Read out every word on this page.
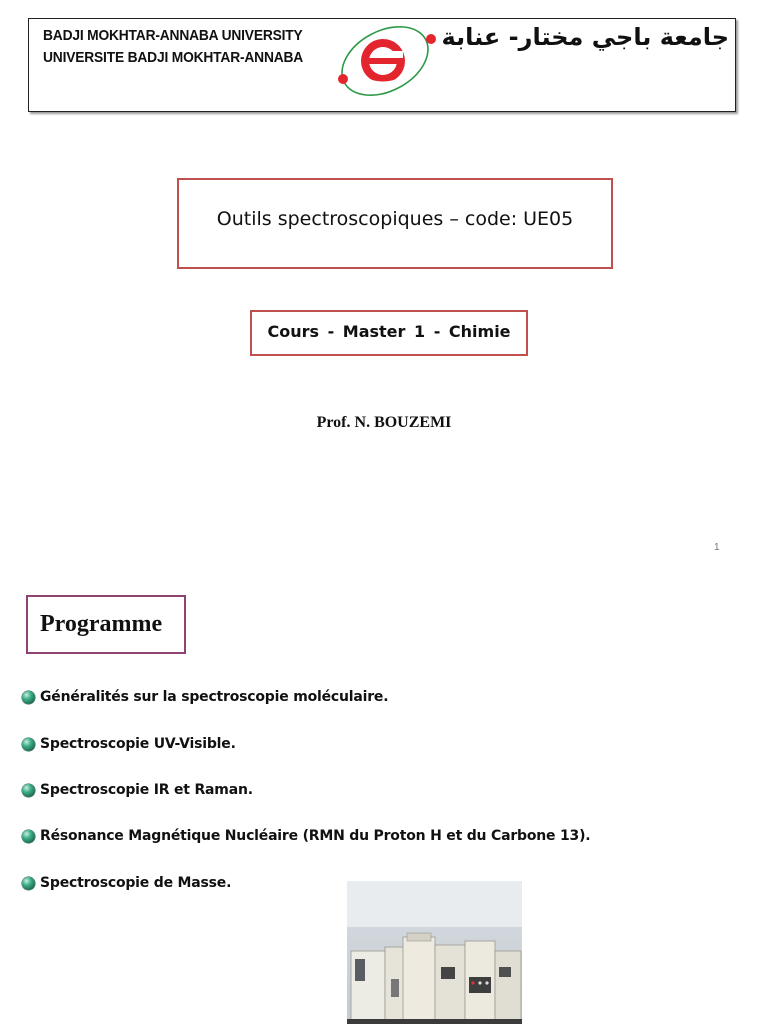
BADJI MOKHTAR-ANNABA UNIVERSITY
UNIVERSITE BADJI MOKHTAR-ANNABA
جامعة باجي مختار- عنابة
Outils spectroscopiques – code: UE05
Cours - Master 1 - Chimie
Prof. N. BOUZEMI
1
Programme
Généralités sur la spectroscopie moléculaire.
Spectroscopie UV-Visible.
Spectroscopie IR et Raman.
Résonance Magnétique Nucléaire (RMN du Proton H et du Carbone 13).
Spectroscopie de Masse.
